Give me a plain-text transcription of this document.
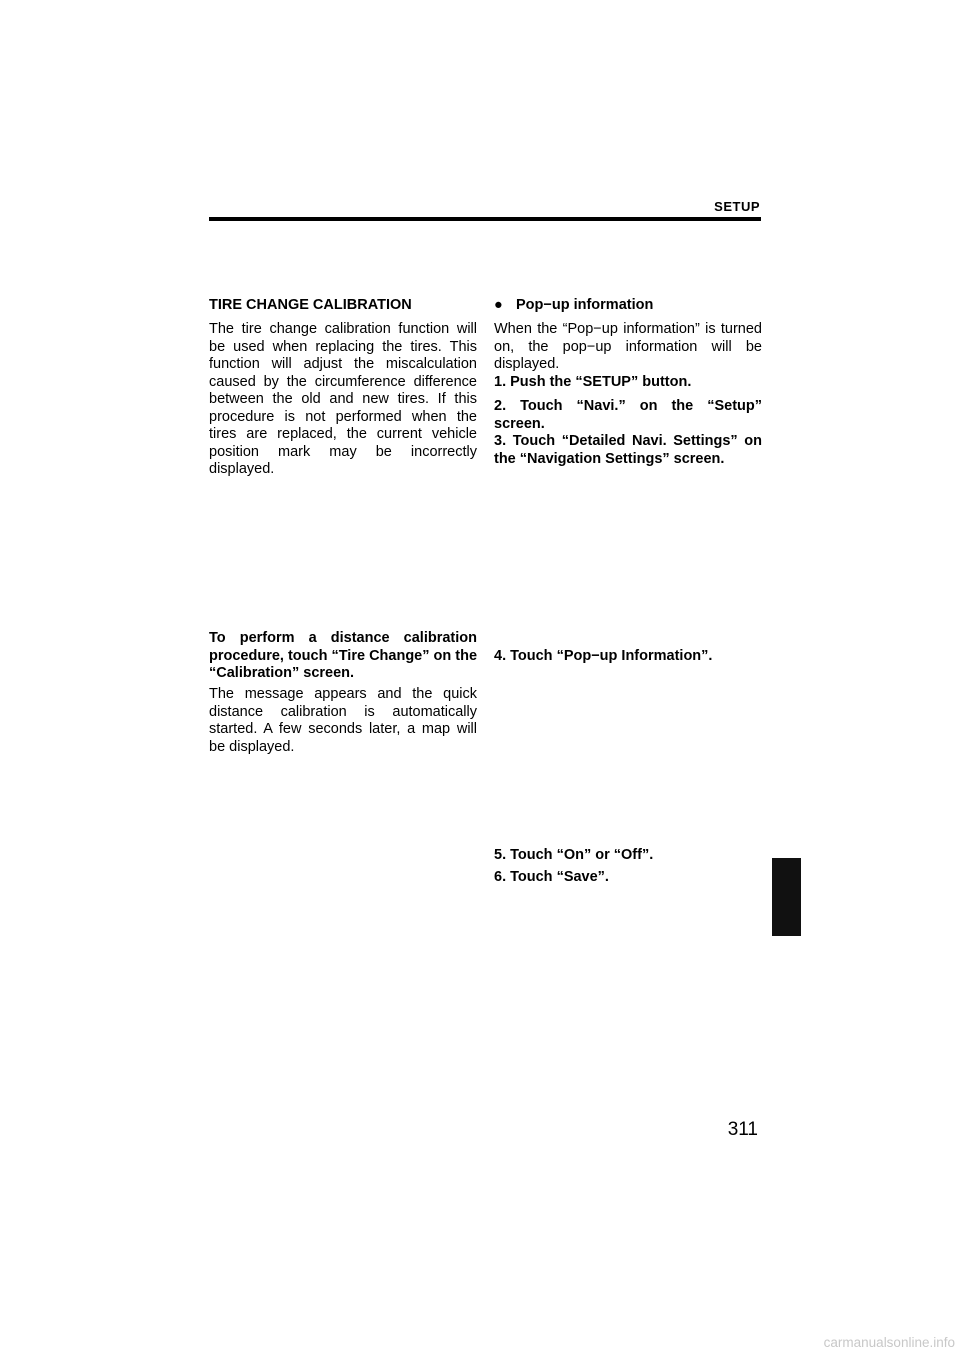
SETUP
TIRE CHANGE CALIBRATION

The tire change calibration function will be used when replacing the tires. This function will adjust the miscalculation caused by the circumference difference between the old and new tires. If this procedure is not performed when the tires are replaced, the current vehicle position mark may be incorrectly displayed.

To perform a distance calibration procedure, touch “Tire Change” on the “Calibration” screen.

The message appears and the quick distance calibration is automatically started. A few seconds later, a map will be displayed.

● Pop−up information

When the “Pop−up information” is turned on, the pop−up information will be displayed.

1. Push the “SETUP” button.

2. Touch “Navi.” on the “Setup” screen.

3. Touch “Detailed Navi. Settings” on the “Navigation Settings” screen.

4. Touch “Pop−up Information”.

5. Touch “On” or “Off”.

6. Touch “Save”.

311
carmanualsonline.info
